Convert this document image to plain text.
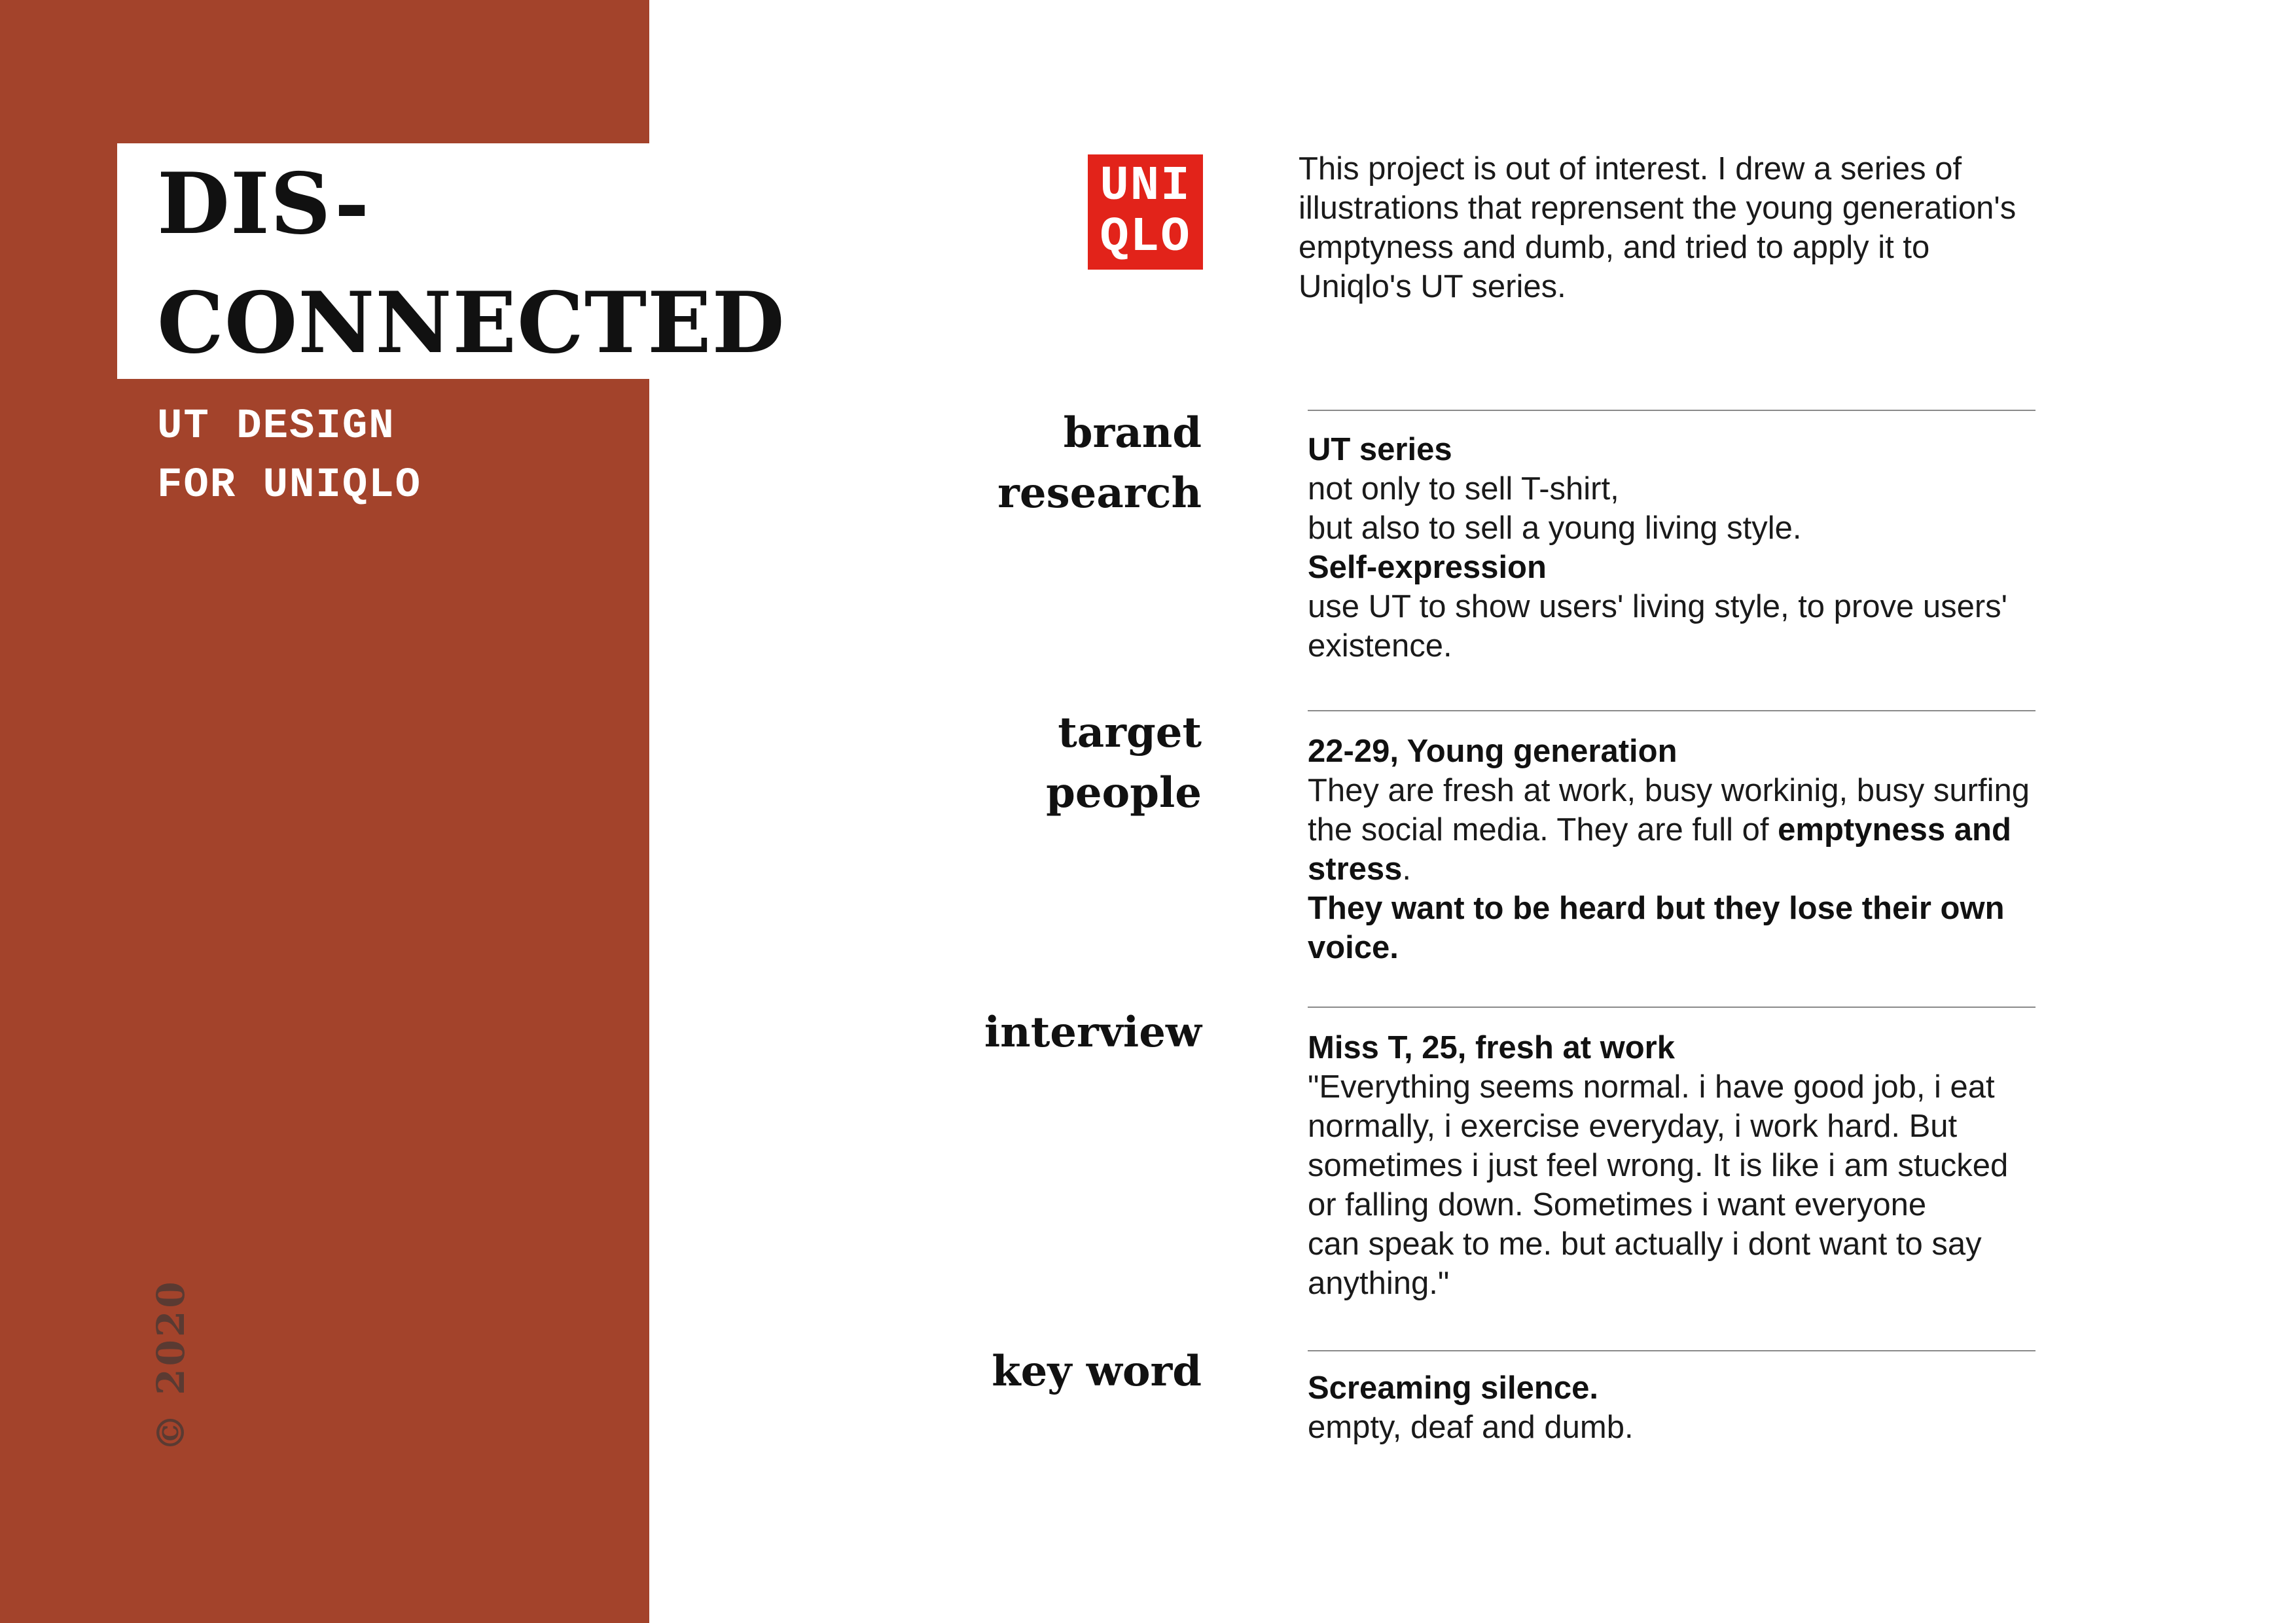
DIS-
CONNECTED
UT DESIGN
FOR UNIQLO
© 2020
UNI
QLO

This project is out of interest. I drew a series of illustrations that reprensent the young generation's emptyness and dumb, and tried to apply it to Uniqlo's UT series.

brand
research
UT series
not only to sell T-shirt,
but also to sell a young living style.
Self-expression
use UT to show users' living style, to prove users'
existence.
target
people
22-29, Young generation
They are fresh at work, busy workinig, busy surfing
the social media. They are full of emptyness and
stress.
They want to be heard but they lose their own
voice.
interview	Miss T, 25, fresh at work
"Everything seems normal. i have good job, i eat
normally, i exercise everyday, i work hard. But
sometimes i just feel wrong. It is like i am stucked
or falling down. Sometimes i want everyone
can speak to me. but actually i dont want to say
anything."
key word	Screaming silence.
empty, deaf and dumb.
